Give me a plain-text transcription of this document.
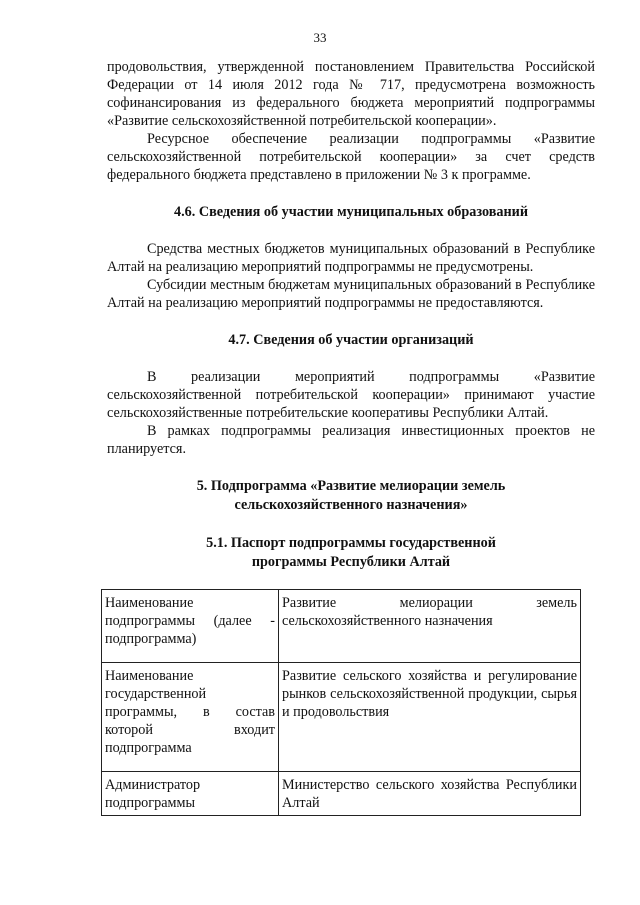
33

продовольствия, утвержденной постановлением Правительства Российской Федерации от 14 июля 2012 года № 717, предусмотрена возможность софинансирования из федерального бюджета мероприятий подпрограммы «Развитие сельскохозяйственной потребительской кооперации».

Ресурсное обеспечение реализации подпрограммы «Развитие сельскохозяйственной потребительской кооперации» за счет средств федерального бюджета представлено в приложении № 3 к программе.

4.6. Сведения об участии муниципальных образований

Средства местных бюджетов муниципальных образований в Республике Алтай на реализацию мероприятий подпрограммы не предусмотрены.

Субсидии местным бюджетам муниципальных образований в Республике Алтай на реализацию мероприятий подпрограммы не предоставляются.

4.7. Сведения об участии организаций

В реализации мероприятий подпрограммы «Развитие сельскохозяйственной потребительской кооперации» принимают участие сельскохозяйственные потребительские кооперативы Республики Алтай.

В рамках подпрограммы реализация инвестиционных проектов не планируется.

5. Подпрограмма «Развитие мелиорации земель
сельскохозяйственного назначения»
5.1. Паспорт подпрограммы государственной
программы Республики Алтай
Наименование подпрограммы (далее - подпрограмма)	Развитие мелиорации земель сельскохозяйственного назначения
Наименование государственной программы, в состав которой входит подпрограмма	Развитие сельского хозяйства и регулирование рынков сельскохозяйственной продукции, сырья и продовольствия
Администратор подпрограммы	Министерство сельского хозяйства Республики Алтай
